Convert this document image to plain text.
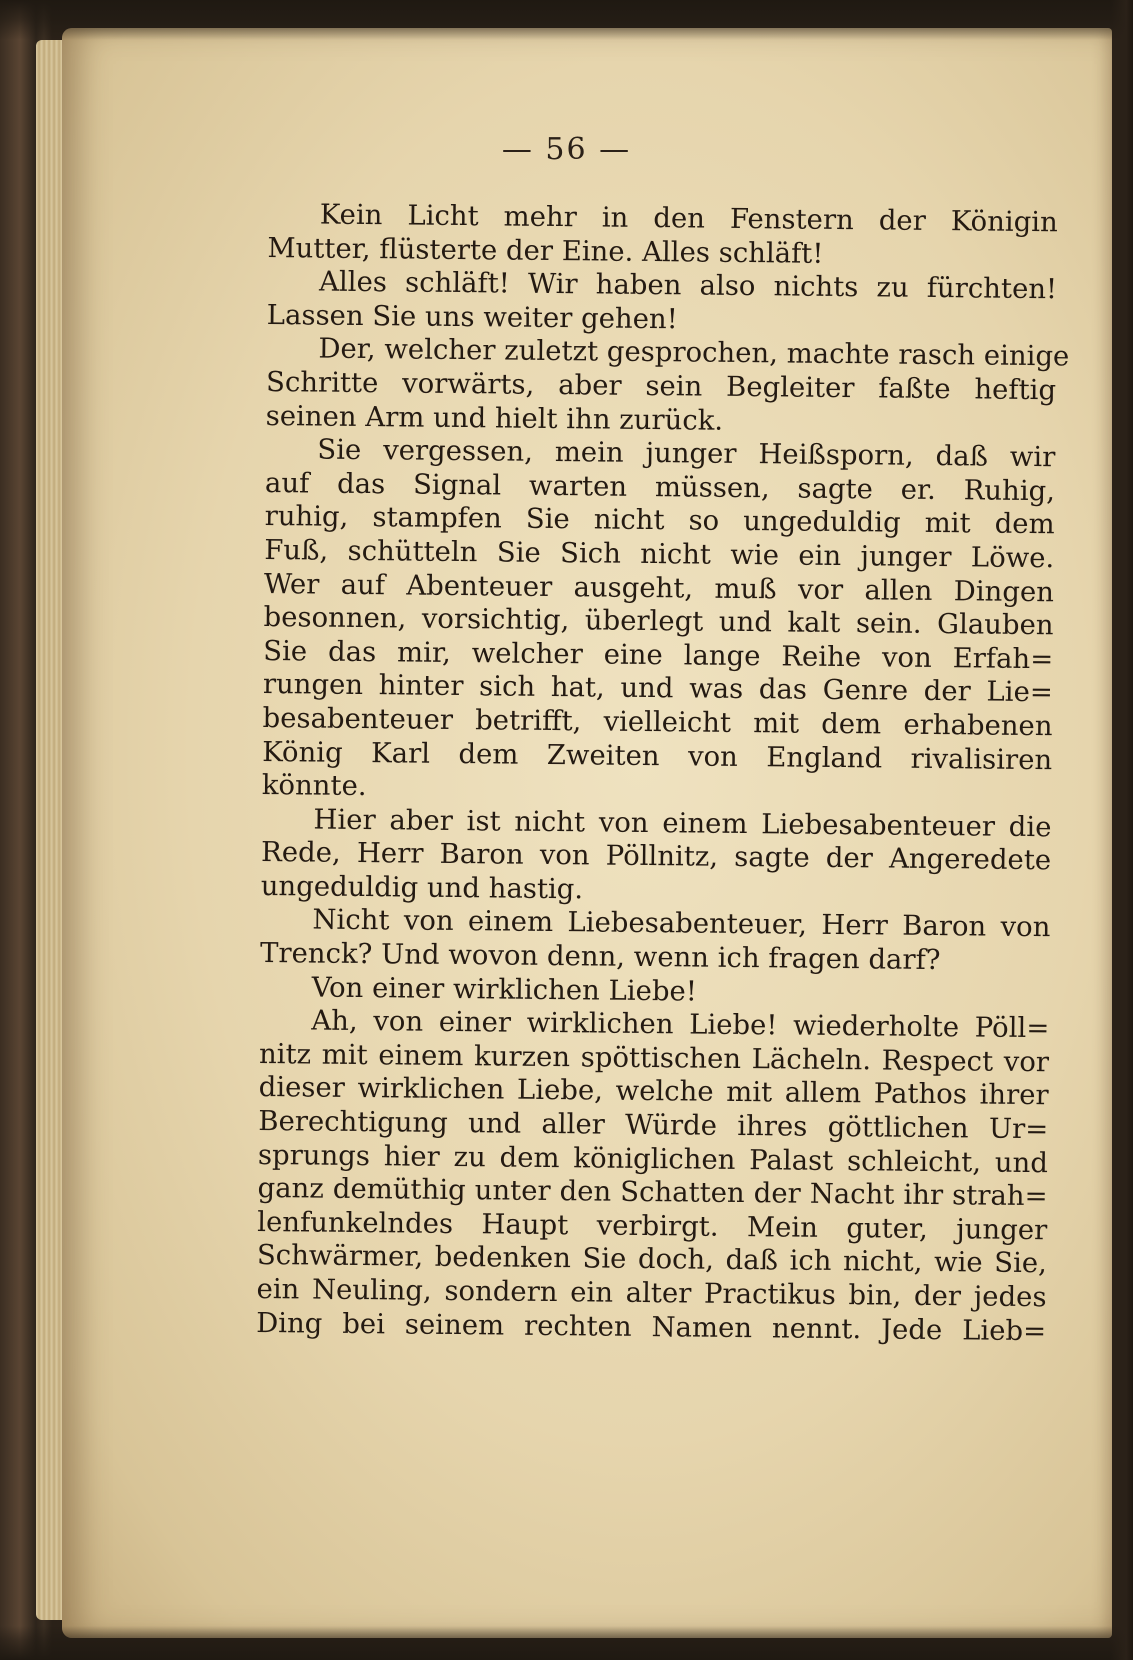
— 56 —
Kein Licht mehr in den Fenstern der Königin
Mutter, flüsterte der Eine. Alles schläft!
Alles schläft! Wir haben also nichts zu fürchten!
Lassen Sie uns weiter gehen!
Der, welcher zuletzt gesprochen, machte rasch einige
Schritte vorwärts, aber sein Begleiter faßte heftig
seinen Arm und hielt ihn zurück.
Sie vergessen, mein junger Heißsporn, daß wir
auf das Signal warten müssen, sagte er. Ruhig,
ruhig, stampfen Sie nicht so ungeduldig mit dem
Fuß, schütteln Sie Sich nicht wie ein junger Löwe.
Wer auf Abenteuer ausgeht, muß vor allen Dingen
besonnen, vorsichtig, überlegt und kalt sein. Glauben
Sie das mir, welcher eine lange Reihe von Erfah=
rungen hinter sich hat, und was das Genre der Lie=
besabenteuer betrifft, vielleicht mit dem erhabenen
König Karl dem Zweiten von England rivalisiren
könnte.
Hier aber ist nicht von einem Liebesabenteuer die
Rede, Herr Baron von Pöllnitz, sagte der Angeredete
ungeduldig und hastig.
Nicht von einem Liebesabenteuer, Herr Baron von
Trenck? Und wovon denn, wenn ich fragen darf?
Von einer wirklichen Liebe!
Ah, von einer wirklichen Liebe! wiederholte Pöll=
nitz mit einem kurzen spöttischen Lächeln. Respect vor
dieser wirklichen Liebe, welche mit allem Pathos ihrer
Berechtigung und aller Würde ihres göttlichen Ur=
sprungs hier zu dem königlichen Palast schleicht, und
ganz demüthig unter den Schatten der Nacht ihr strah=
lenfunkelndes Haupt verbirgt. Mein guter, junger
Schwärmer, bedenken Sie doch, daß ich nicht, wie Sie,
ein Neuling, sondern ein alter Practikus bin, der jedes
Ding bei seinem rechten Namen nennt. Jede Lieb=
